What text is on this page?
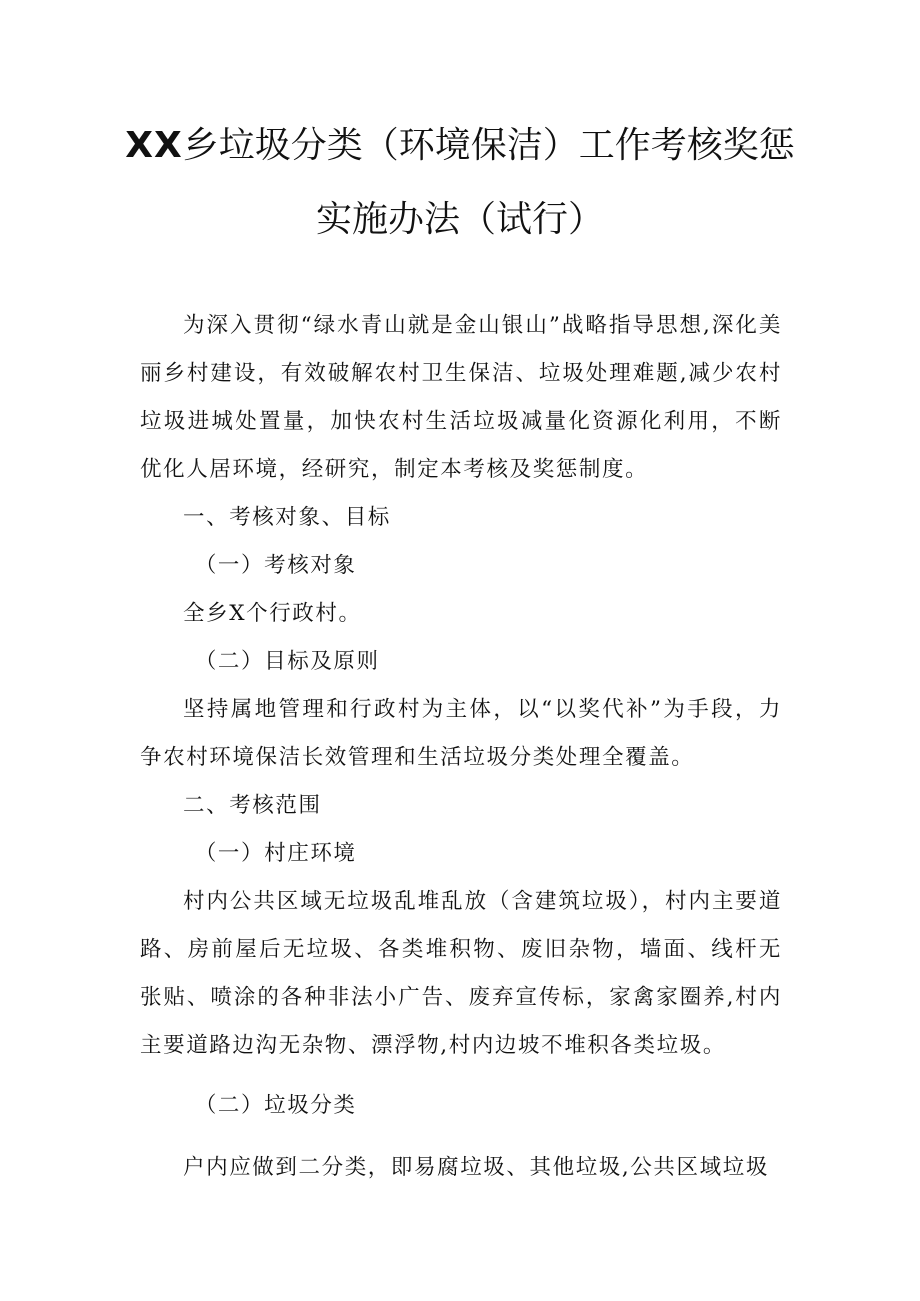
XX乡垃圾分类（环境保洁）工作考核奖惩
实施办法（试行）

为深入贯彻“绿水青山就是金山银山”战略指导思想,深化美丽乡村建设，有效破解农村卫生保洁、垃圾处理难题,减少农村垃圾进城处置量，加快农村生活垃圾减量化资源化利用，不断优化人居环境，经研究，制定本考核及奖惩制度。

一、考核对象、目标

（一）考核对象

全乡X个行政村。

（二）目标及原则

坚持属地管理和行政村为主体，以“以奖代补”为手段，力争农村环境保洁长效管理和生活垃圾分类处理全覆盖。

二、考核范围

（一）村庄环境

村内公共区域无垃圾乱堆乱放（含建筑垃圾），村内主要道路、房前屋后无垃圾、各类堆积物、废旧杂物，墙面、线杆无张贴、喷涂的各种非法小广告、废弃宣传标，家禽家圈养,村内主要道路边沟无杂物、漂浮物,村内边坡不堆积各类垃圾。

（二）垃圾分类

户内应做到二分类，即易腐垃圾、其他垃圾,公共区域垃圾
